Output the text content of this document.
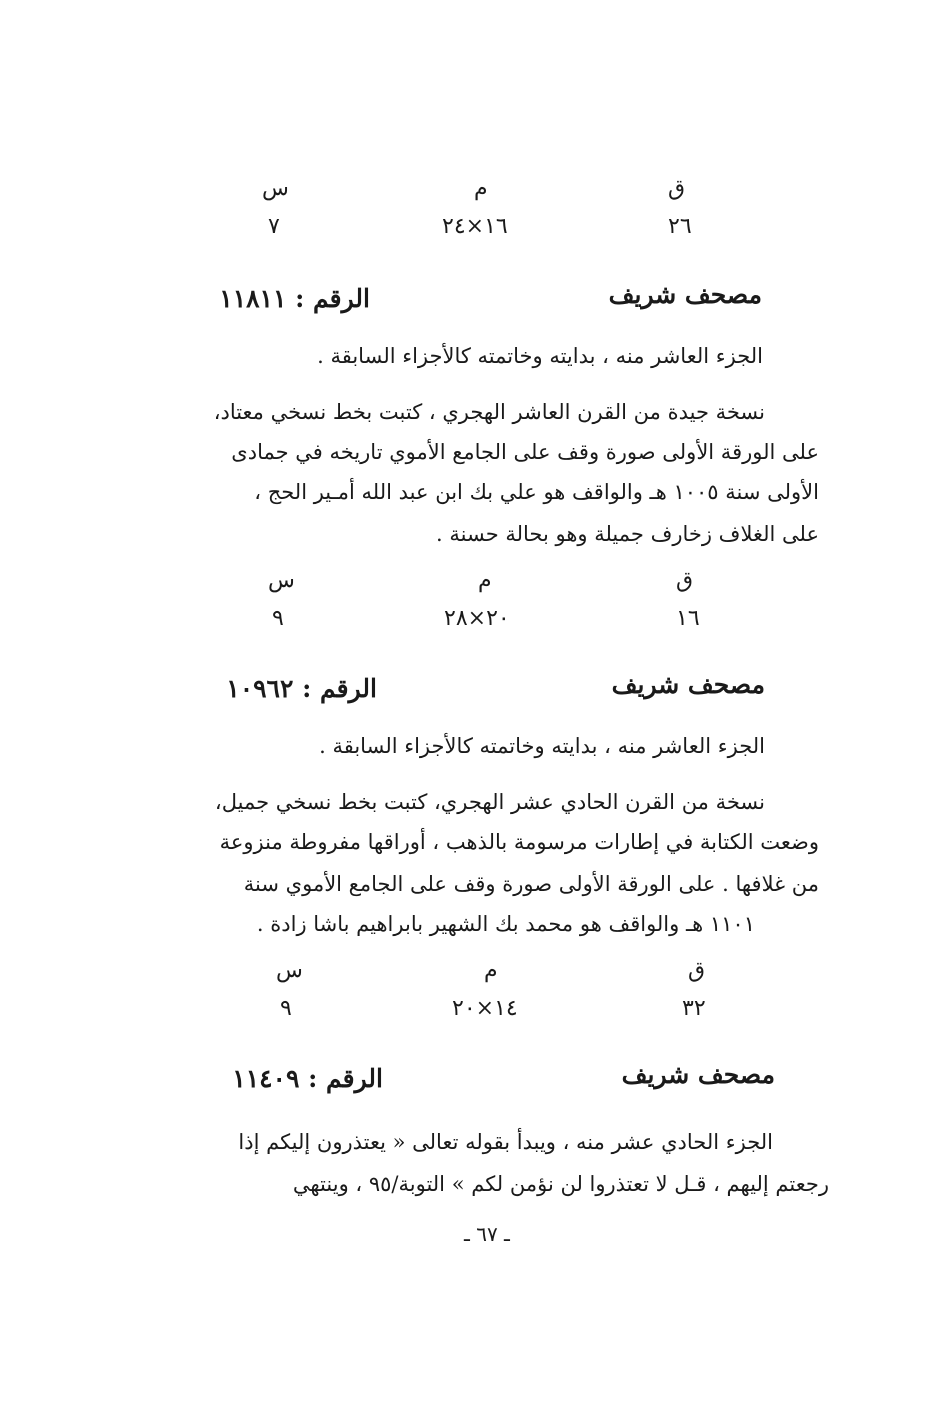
ق
م
س
٢٦
١٦×٢٤
٧
مصحف شريف
الرقم : ١١٨١١
الجزء العاشر منه ، بدايته وخاتمته كالأجزاء السابقة .
نسخة جيدة من القرن العاشر الهجري ، كتبت بخط نسخي معتاد،
على الورقة الأولى صورة وقف على الجامع الأموي تاريخه في جمادى
الأولى سنة ١٠٠٥ هـ والواقف هو علي بك ابن عبد الله أمـير الحج ،
على الغلاف زخارف جميلة وهو بحالة حسنة .
ق
م
س
١٦
٢٠×٢٨
٩
مصحف شريف
الرقم : ١٠٩٦٢
الجزء العاشر منه ، بدايته وخاتمته كالأجزاء السابقة .
نسخة من القرن الحادي عشر الهجري، كتبت بخط نسخي جميل،
وضعت الكتابة في إطارات مرسومة بالذهب ، أوراقها مفروطة منزوعة
من غلافها . على الورقة الأولى صورة وقف على الجامع الأموي سنة
١١٠١ هـ والواقف هو محمد بك الشهير بابراهيم باشا زادة .
ق
م
س
٣٢
١٤×٢٠
٩
مصحف شريف
الرقم : ١١٤٠٩
الجزء الحادي عشر منه ، ويبدأ بقوله تعالى « يعتذرون إليكم إذا
رجعتم إليهم ، قـل لا تعتذروا لن نؤمن لكم » التوبة/٩٥ ، وينتهي
ـ ٦٧ ـ
